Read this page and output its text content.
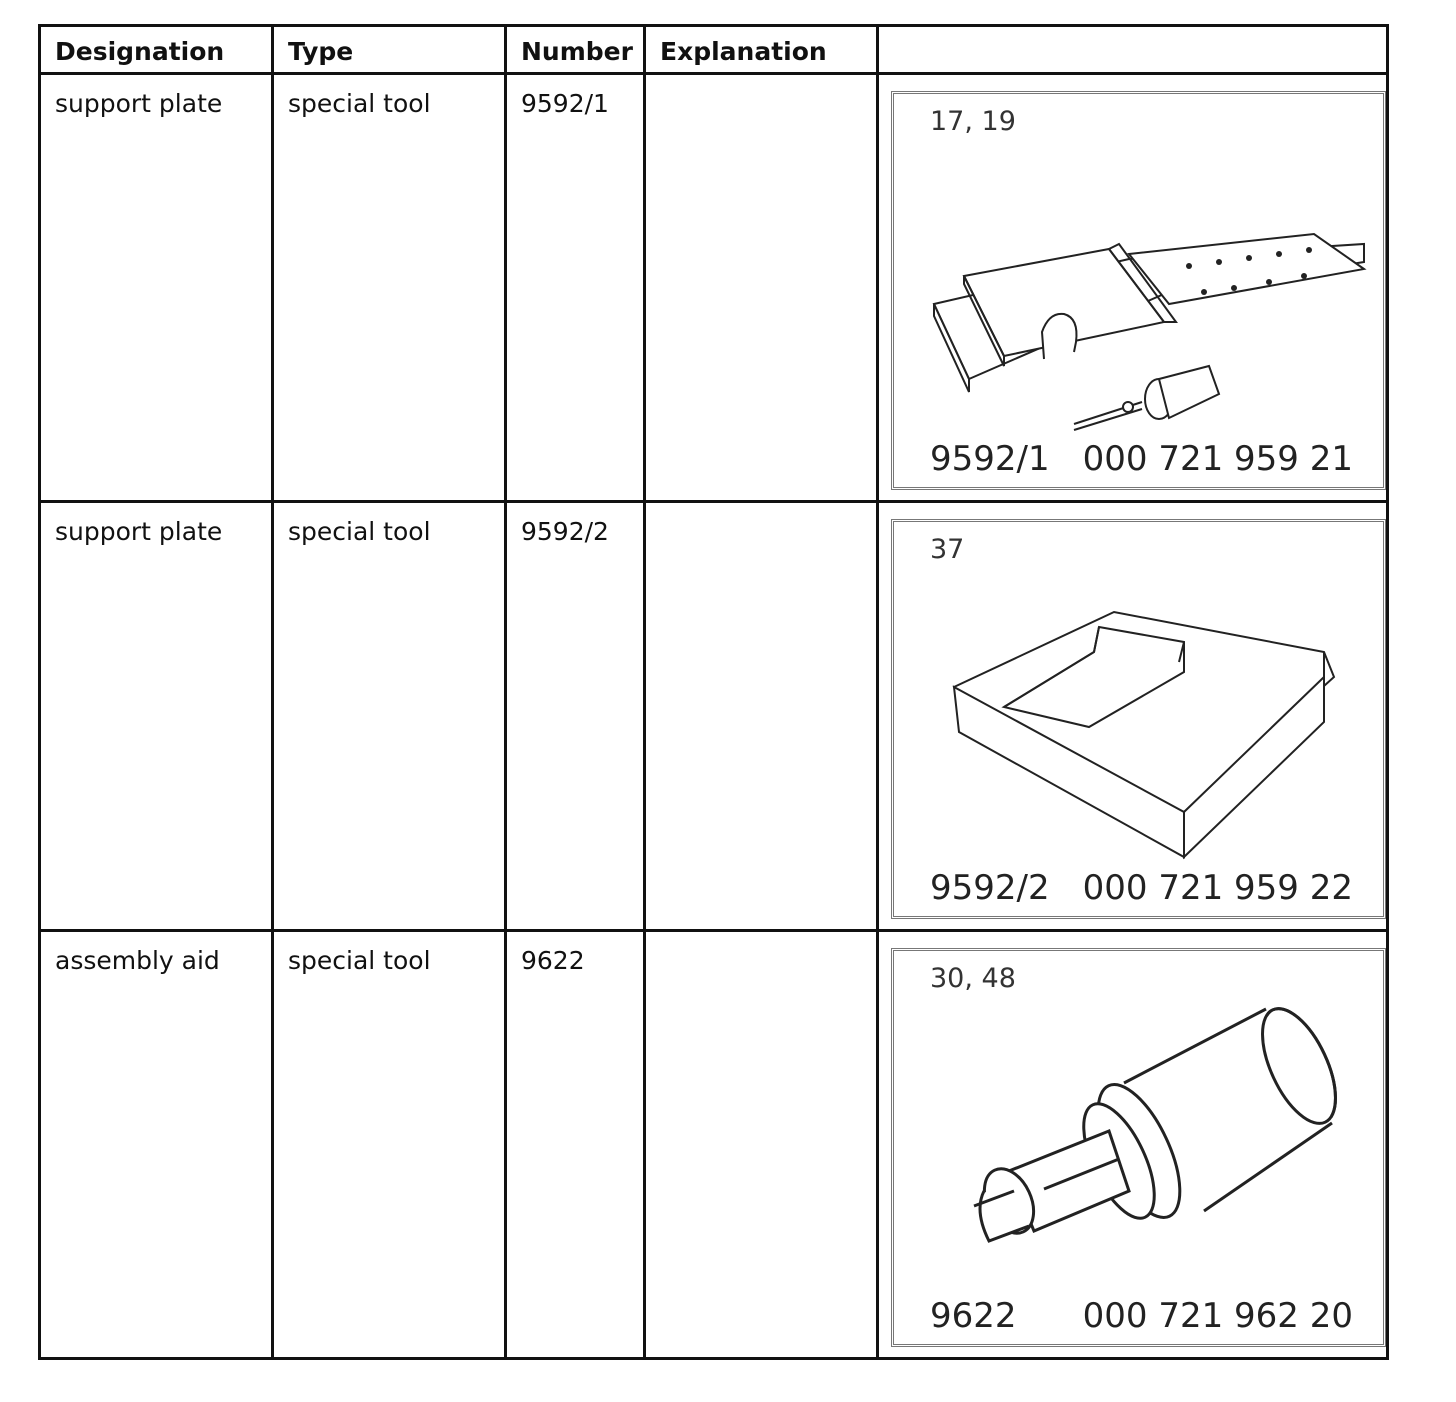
Designation	Type	Number	Explanation	
support plate	special tool	9592/1		17, 19
9592/1 000 721 959 21

support plate	special tool	9592/2		37
9592/2 000 721 959 22

assembly aid	special tool	9622		30, 48
9622 000 721 962 20
